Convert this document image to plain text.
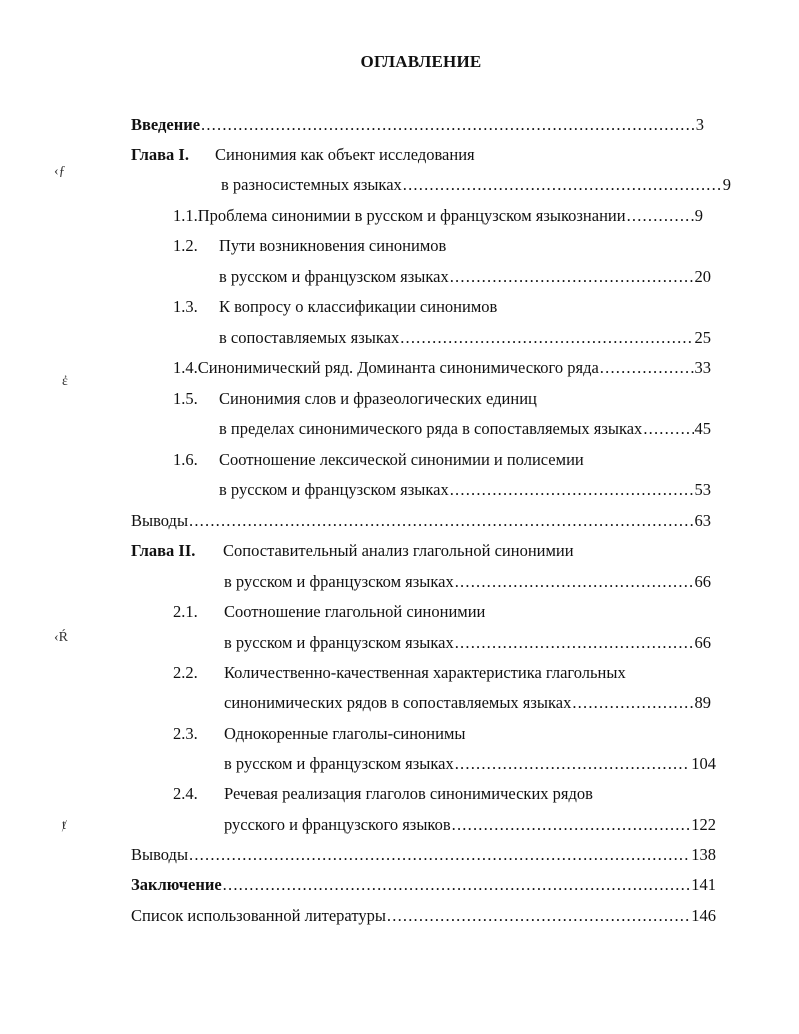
ОГЛАВЛЕНИЕ
‹ƒ
ἐ
‹Ŕ
ⱦ
Введение .....	3
Глава I.	Синонимия как объект исследования
в разносистемных языках .....	9
1.1. Проблема синонимии в русском и французском языкознании .....	9
1.2.	Пути возникновения синонимов
в русском и французском языках .....	20
1.3.	К вопросу о классификации синонимов
в сопоставляемых языках .....	25
1.4. Синонимический ряд. Доминанта синонимического ряда .....	33
1.5.	Синонимия слов и фразеологических единиц
в пределах синонимического ряда в сопоставляемых языках .....	45
1.6.	Соотношение лексической синонимии и полисемии
в русском и французском языках .....	53
Выводы .....	63
Глава II.	Сопоставительный анализ глагольной синонимии
в русском и французском языках .....	66
2.1.	Соотношение глагольной синонимии
в русском и французском языках .....	66
2.2.	Количественно-качественная характеристика глагольных
синонимических рядов в сопоставляемых языках .....	89
2.3.	Однокоренные глаголы-синонимы
в русском и французском языках .....	104
2.4.	Речевая реализация глаголов синонимических рядов
русского и французского языков .....	122
Выводы .....	138
Заключение .....	141
Список использованной литературы .....	146
